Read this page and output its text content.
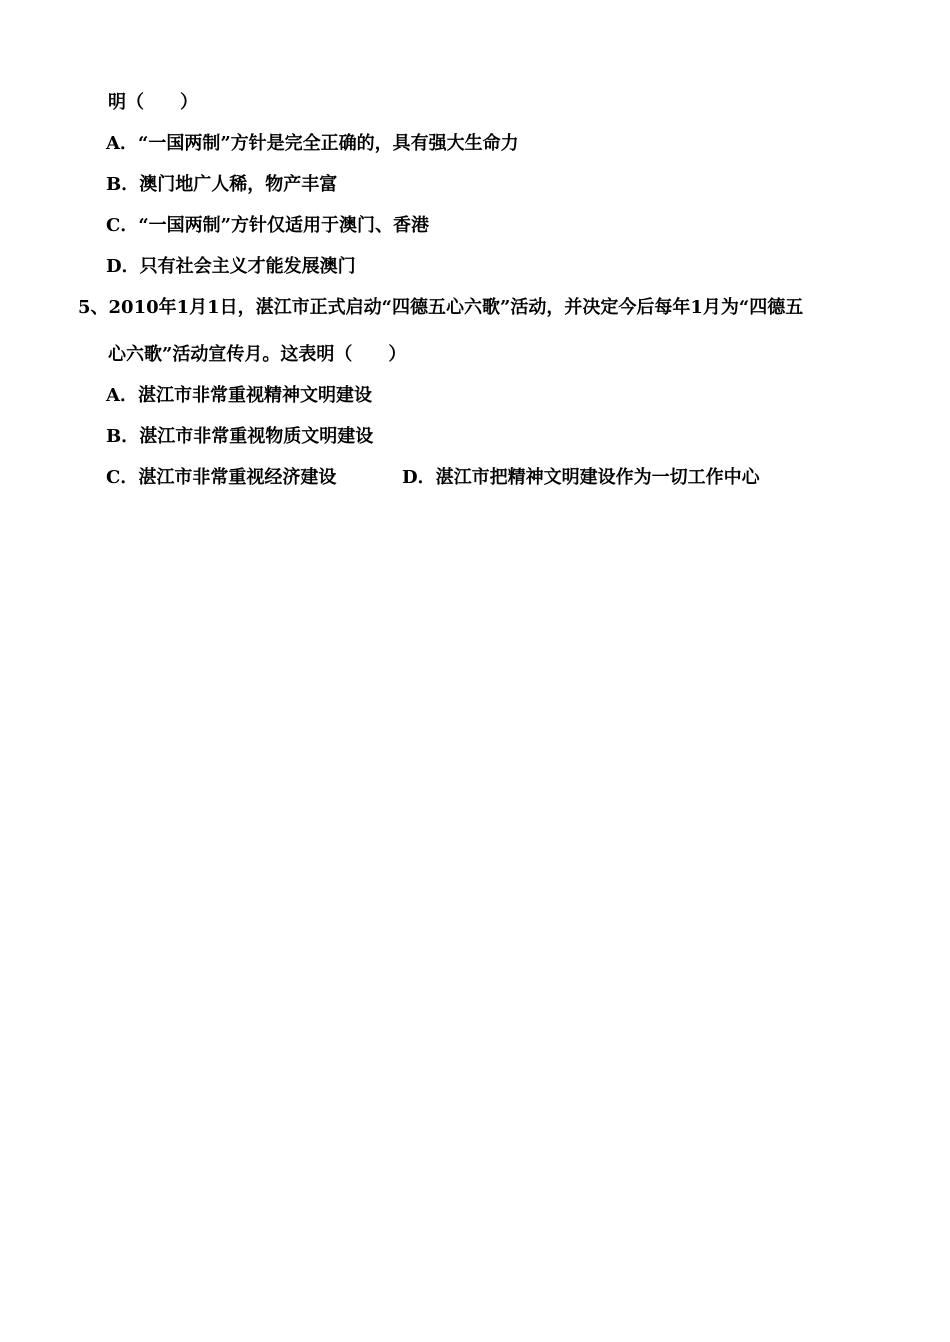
明（　　）
A．“一国两制”方针是完全正确的，具有强大生命力
B．澳门地广人稀，物产丰富
C．“一国两制”方针仅适用于澳门、香港
D．只有社会主义才能发展澳门
5、2010年1月1日，湛江市正式启动“四德五心六歌”活动，并决定今后每年1月为“四德五
心六歌”活动宣传月。这表明（　　）
A．湛江市非常重视精神文明建设
B．湛江市非常重视物质文明建设
C．湛江市非常重视经济建设	D．湛江市把精神文明建设作为一切工作中心
